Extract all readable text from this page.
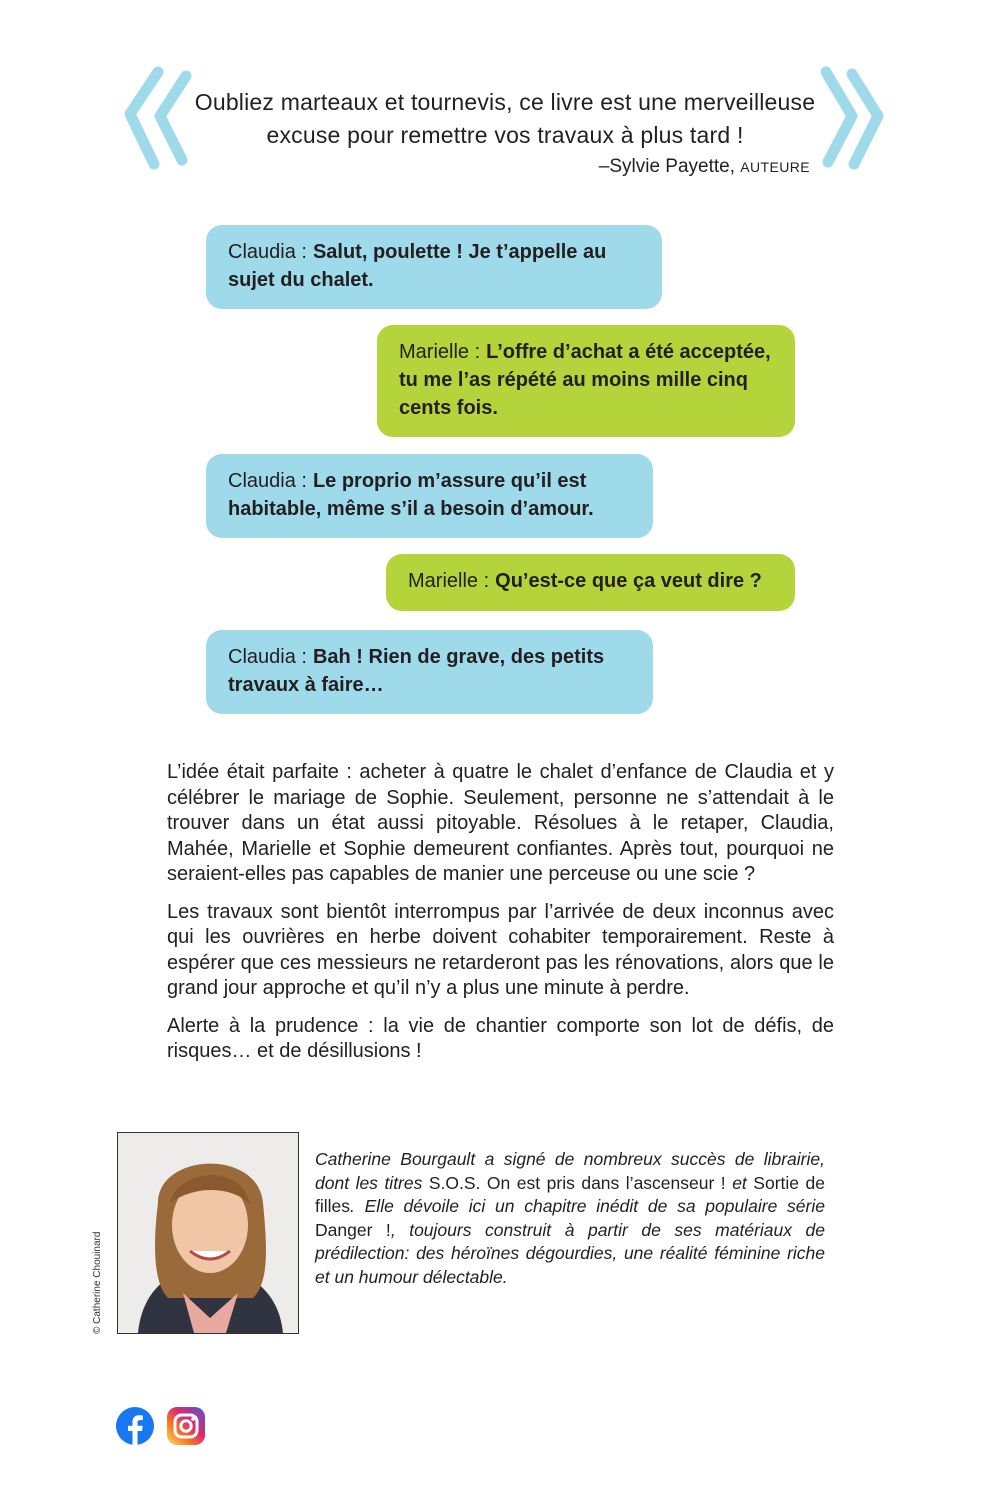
Oubliez marteaux et tournevis, ce livre est une merveilleuse excuse pour remettre vos travaux à plus tard !
–Sylvie Payette, AUTEURE
Claudia : Salut, poulette ! Je t’appelle au sujet du chalet.
Marielle : L’offre d’achat a été acceptée, tu me l’as répété au moins mille cinq cents fois.
Claudia : Le proprio m’assure qu’il est habitable, même s’il a besoin d’amour.
Marielle : Qu’est-ce que ça veut dire ?
Claudia : Bah ! Rien de grave, des petits travaux à faire…

L’idée était parfaite : acheter à quatre le chalet d’enfance de Claudia et y célébrer le mariage de Sophie. Seulement, personne ne s’attendait à le trouver dans un état aussi pitoyable. Résolues à le retaper, Claudia, Mahée, Marielle et Sophie demeurent confiantes. Après tout, pourquoi ne seraient-elles pas capables de manier une perceuse ou une scie ?

Les travaux sont bientôt interrompus par l’arrivée de deux inconnus avec qui les ouvrières en herbe doivent cohabiter temporairement. Reste à espérer que ces messieurs ne retarderont pas les rénovations, alors que le grand jour approche et qu’il n’y a plus une minute à perdre.

Alerte à la prudence : la vie de chantier comporte son lot de défis, de risques… et de désillusions !

© Catherine Chouinard
Catherine Bourgault a signé de nombreux succès de librairie, dont les titres S.O.S. On est pris dans l’ascenseur ! et Sortie de filles. Elle dévoile ici un chapitre inédit de sa populaire série Danger !, toujours construit à partir de ses matériaux de prédilection: des héroïnes dégourdies, une réalité féminine riche et un humour délectable.
